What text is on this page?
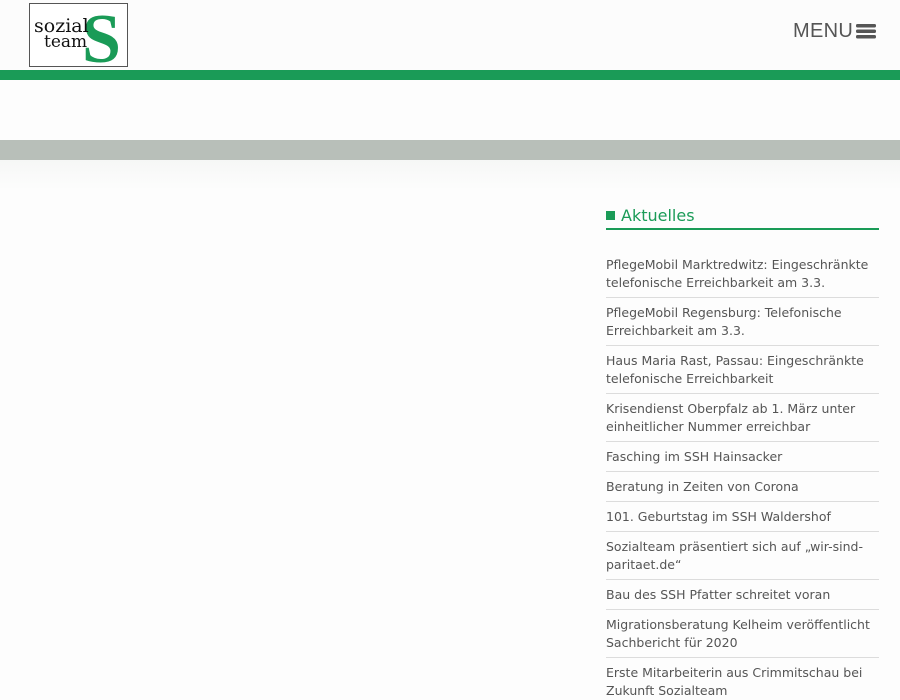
S
sozial
team
MENU
Aktuelles
PflegeMobil Marktredwitz: Eingeschränkte telefonische Erreichbarkeit am 3.3.
PflegeMobil Regensburg: Telefonische Erreichbarkeit am 3.3.
Haus Maria Rast, Passau: Eingeschränkte telefonische Erreichbarkeit
Krisendienst Oberpfalz ab 1. März unter einheitlicher Nummer erreichbar
Fasching im SSH Hainsacker
Beratung in Zeiten von Corona
101. Geburtstag im SSH Waldershof
Sozialteam präsentiert sich auf „wir-sind-paritaet.de“
Bau des SSH Pfatter schreitet voran
Migrationsberatung Kelheim veröffentlicht Sachbericht für 2020
Erste Mitarbeiterin aus Crimmitschau bei Zukunft Sozialteam
